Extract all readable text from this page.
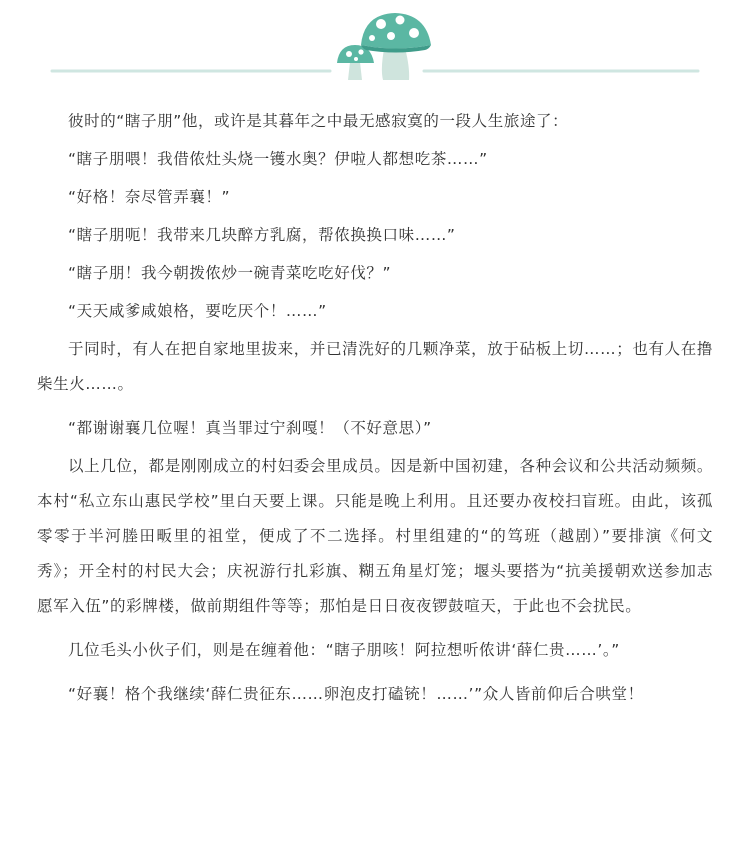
彼时的“瞎子朋”他，或许是其暮年之中最无感寂寞的一段人生旅途了：

“瞎子朋喂！我借侬灶头烧一镬水奥？伊啦人都想吃茶……”

“好格！奈尽管弄襄！”

“瞎子朋呃！我带来几块醉方乳腐，帮侬换换口味……”

“瞎子朋！我今朝拨侬炒一碗青菜吃吃好伐？”

“天天咸爹咸娘格，要吃厌个！……”

于同时，有人在把自家地里拔来，并已清洗好的几颗净菜，放于砧板上切……；也有人在撸柴生火……。

“都谢谢襄几位喔！真当罪过宁刹嘎！（不好意思）”

以上几位，都是刚刚成立的村妇委会里成员。因是新中国初建，各种会议和公共活动频频。本村“私立东山惠民学校”里白天要上课。只能是晚上利用。且还要办夜校扫盲班。由此，该孤零零于半河塍田畈里的祖堂，便成了不二选择。村里组建的“的笃班（越剧）”要排演《何文秀》；开全村的村民大会；庆祝游行扎彩旗、糊五角星灯笼；堰头要搭为“抗美援朝欢送参加志愿军入伍”的彩牌楼，做前期组件等等；那怕是日日夜夜锣鼓喧天，于此也不会扰民。

几位毛头小伙子们，则是在缠着他：“瞎子朋咳！阿拉想听侬讲‘薛仁贵……’。”

“好襄！格个我继续‘薛仁贵征东……卵泡皮打磕铳！……’”众人皆前仰后合哄堂！
